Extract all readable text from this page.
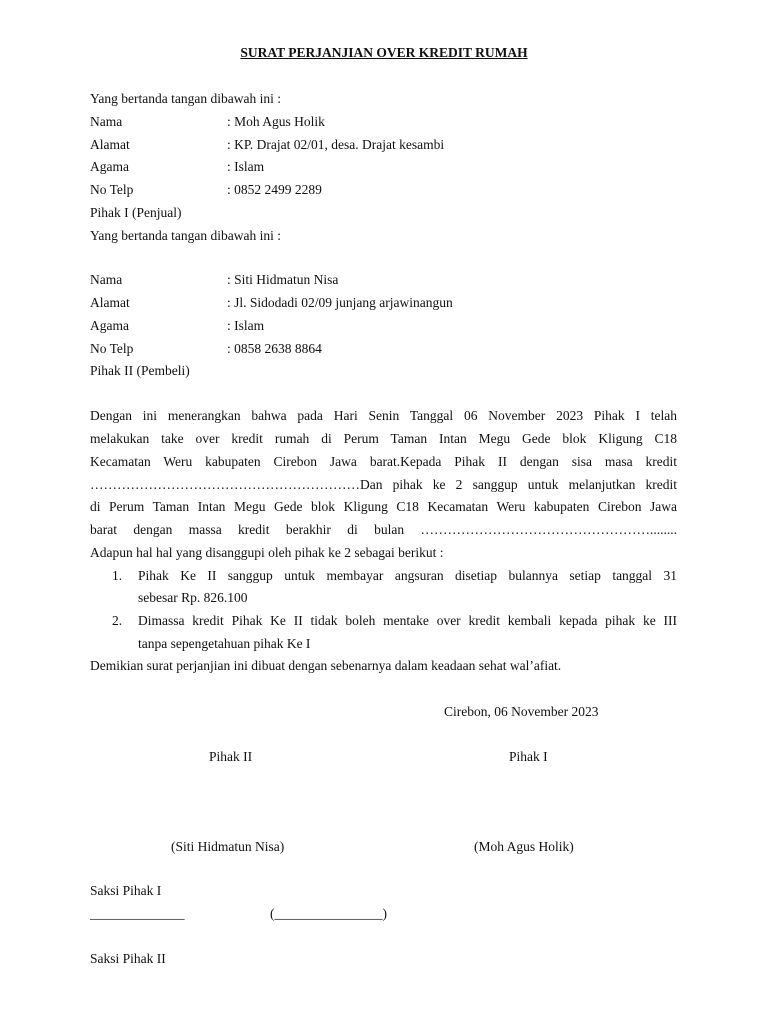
SURAT PERJANJIAN OVER KREDIT RUMAH
Yang bertanda tangan dibawah ini :
Nama	: Moh Agus Holik
Alamat	: KP. Drajat 02/01, desa. Drajat kesambi
Agama	: Islam
No Telp	: 0852 2499 2289
Pihak I (Penjual)
Yang bertanda tangan dibawah ini :
Nama	: Siti Hidmatun Nisa
Alamat	: Jl. Sidodadi 02/09 junjang arjawinangun
Agama	: Islam
No Telp	: 0858 2638 8864
Pihak II (Pembeli)
Dengan ini menerangkan bahwa pada Hari Senin Tanggal 06 November 2023 Pihak I telah
melakukan take over kredit rumah di Perum Taman Intan Megu Gede blok Kligung C18
Kecamatan Weru kabupaten Cirebon Jawa barat.Kepada Pihak II dengan sisa masa kredit
……………………………………………………Dan pihak ke 2 sanggup untuk melanjutkan kredit
di Perum Taman Intan Megu Gede blok Kligung C18 Kecamatan Weru kabupaten Cirebon Jawa
barat dengan massa kredit berakhir di bulan ……………………………………………........
Adapun hal hal yang disanggupi oleh pihak ke 2 sebagai berikut :
1. Pihak Ke II sanggup untuk membayar angsuran disetiap bulannya setiap tanggal 31
sebesar Rp. 826.100
2. Dimassa kredit Pihak Ke II tidak boleh mentake over kredit kembali kepada pihak ke III
tanpa sepengetahuan pihak Ke I
Demikian surat perjanjian ini dibuat dengan sebenarnya dalam keadaan sehat wal’afiat.
Cirebon, 06 November 2023
Pihak II	Pihak I
(Siti Hidmatun Nisa)	(Moh Agus Holik)
Saksi Pihak I
______________	(________________)
Saksi Pihak II
